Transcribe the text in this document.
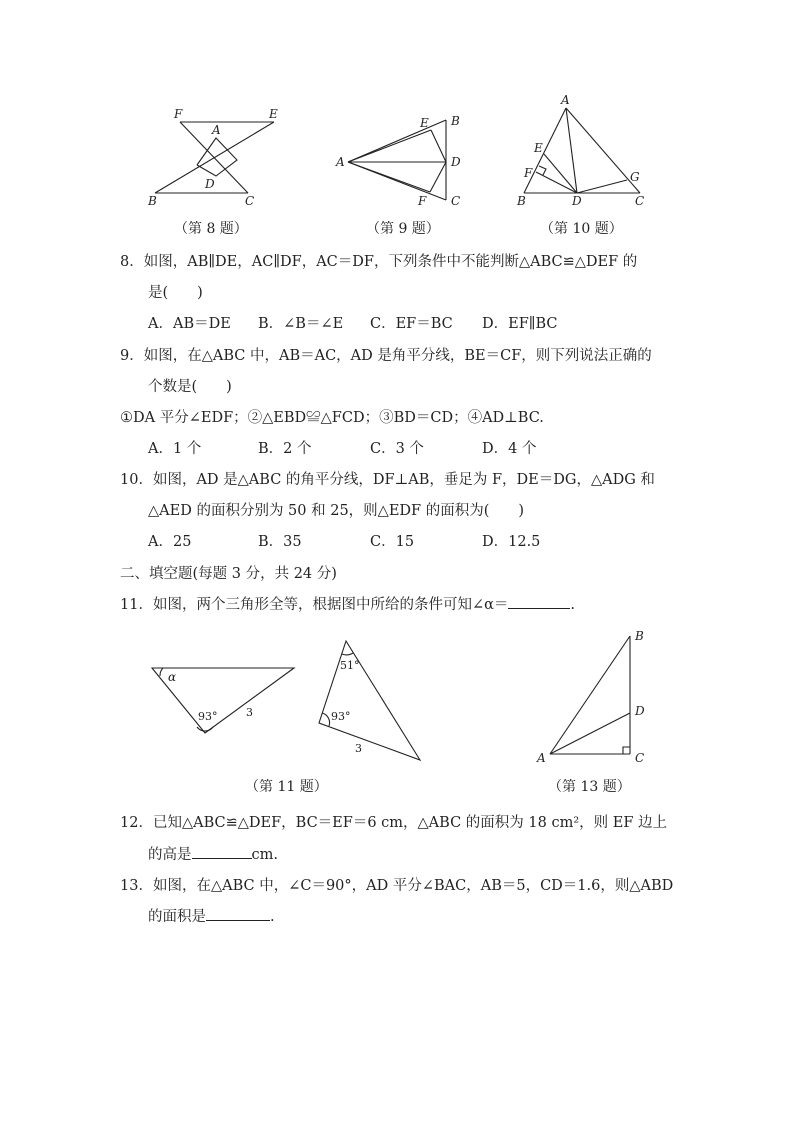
F	E
A
D
B	C
（第 8 题）
A
E B
D
F C
（第 9 题）
A
E
F
B	D
G
C
（第 10 题）
8．如图，AB∥DE，AC∥DF，AC＝DF，下列条件中不能判断△ABC≌△DEF 的
是(　　)
A．AB＝DE B．∠B＝∠E C．EF＝BC D．EF∥BC
9．如图，在△ABC 中，AB＝AC，AD 是角平分线，BE＝CF，则下列说法正确的
个数是(　　)
①DA 平分∠EDF；②△EBD≌△FCD；③BD＝CD；④AD⊥BC.
A．1 个	B．2 个	C．3 个	D．4 个
10．如图，AD 是△ABC 的角平分线，DF⊥AB，垂足为 F，DE＝DG，△ADG 和
△AED 的面积分别为 50 和 25，则△EDF 的面积为(　　)
A．25	B．35	C．15	D．12.5
二、填空题(每题 3 分，共 24 分)
11．如图，两个三角形全等，根据图中所给的条件可知∠α＝	.
α
93°	3
51°
93°
3
（第 11 题）
B
D
A	C
（第 13 题）
12．已知△ABC≌△DEF，BC＝EF＝6 cm，△ABC 的面积为 18 cm²，则 EF 边上
的高是	cm.
13．如图，在△ABC 中，∠C＝90°，AD 平分∠BAC，AB＝5，CD＝1.6，则△ABD
的面积是	.
